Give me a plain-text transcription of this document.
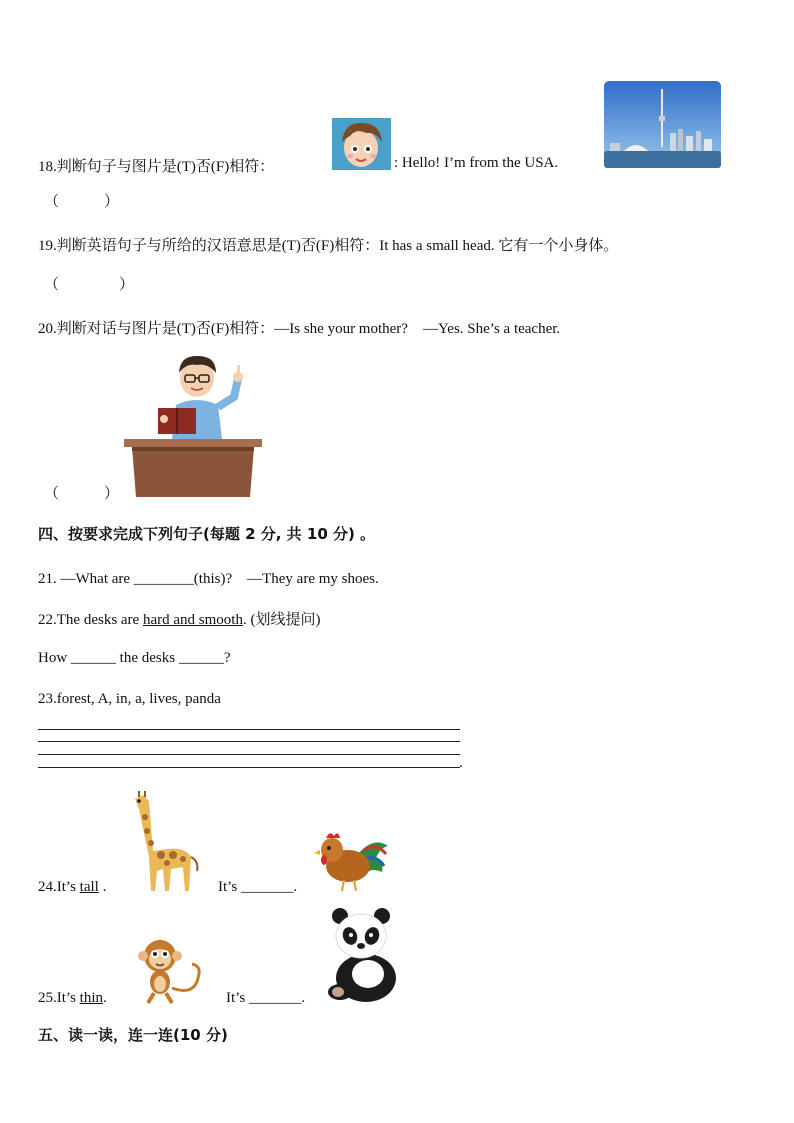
18.判断句子与图片是(T)否(F)相符：	: Hello! I’m from the USA.
（　　　）
19.判断英语句子与所给的汉语意思是(T)否(F)相符：It has a small head. 它有一个小身体。
（　　　　）
20.判断对话与图片是(T)否(F)相符：—Is she your mother?　—Yes. She’s a teacher.
（　　　）
四、按要求完成下列句子(每题 2 分, 共 10 分) 。
21. —What are ________(this)?　—They are my shoes.
22.The desks are hard and smooth. (划线提问)
How ______ the desks ______?
23.forest, A, in, a, lives, panda
.
24.It’s tall .	It’s _______.
25.It’s thin.	It’s _______.
五、读一读，连一连(10 分)
